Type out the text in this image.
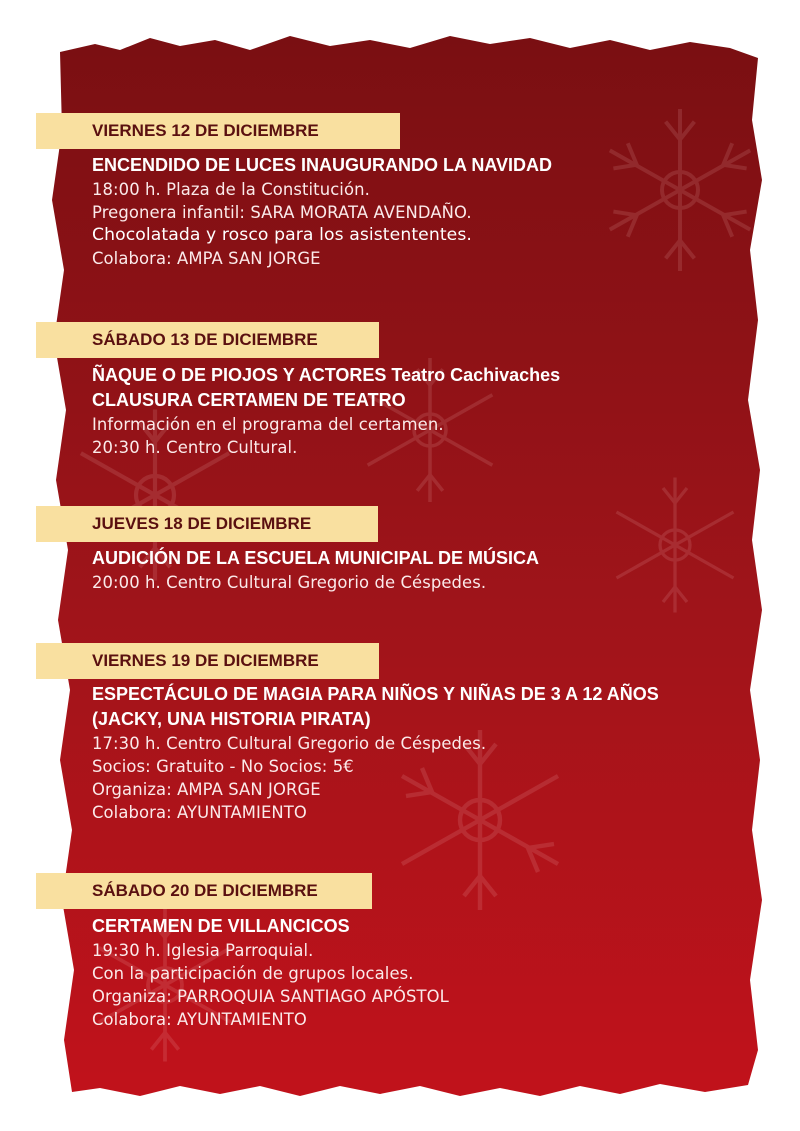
VIERNES 12 DE DICIEMBRE
ENCENDIDO DE LUCES INAUGURANDO LA NAVIDAD
18:00 h. Plaza de la Constitución.
Pregonera infantil: SARA MORATA AVENDAÑO.
Chocolatada y rosco para los asistententes.
Colabora: AMPA SAN JORGE
SÁBADO 13 DE DICIEMBRE
ÑAQUE O DE PIOJOS Y ACTORES Teatro Cachivaches
CLAUSURA CERTAMEN DE TEATRO
Información en el programa del certamen.
20:30 h. Centro Cultural.
JUEVES 18 DE DICIEMBRE
AUDICIÓN DE LA ESCUELA MUNICIPAL DE MÚSICA
20:00 h. Centro Cultural Gregorio de Céspedes.
VIERNES 19 DE DICIEMBRE
ESPECTÁCULO DE MAGIA PARA NIÑOS Y NIÑAS DE 3 A 12 AÑOS
(JACKY, UNA HISTORIA PIRATA)
17:30 h. Centro Cultural Gregorio de Céspedes.
Socios: Gratuito - No Socios: 5€
Organiza: AMPA SAN JORGE
Colabora: AYUNTAMIENTO
SÁBADO 20 DE DICIEMBRE
CERTAMEN DE VILLANCICOS
19:30 h. Iglesia Parroquial.
Con la participación de grupos locales.
Organiza: PARROQUIA SANTIAGO APÓSTOL
Colabora: AYUNTAMIENTO
